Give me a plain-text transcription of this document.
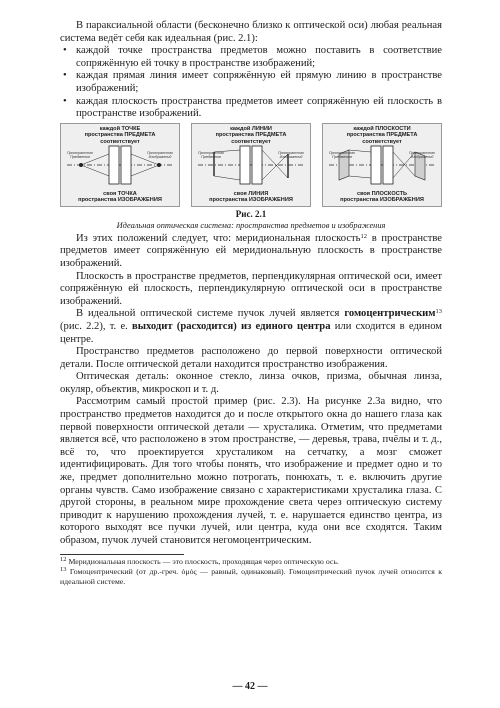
В параксиальной области (бесконечно близко к оптической оси) любая реальная система ведёт себя как идеальная (рис. 2.1):

• каждой точке пространства предметов можно поставить в соответствие сопряжённую ей точку в пространстве изображений;
• каждая прямая линия имеет сопряжённую ей прямую линию в пространстве изображений;
• каждая плоскость пространства предметов имеет сопряжённую ей плоскость в пространстве изображений.
каждой ТОЧКЕ
пространства ПРЕДМЕТА
соответствует
Пространство Предметов
Пространство Изображений
своя ТОЧКА
пространства ИЗОБРАЖЕНИЯ
каждой ЛИНИИ
пространства ПРЕДМЕТА
соответствует
Пространство Предметов
Пространство Изображений
своя ЛИНИЯ
пространства ИЗОБРАЖЕНИЯ
каждой ПЛОСКОСТИ
пространства ПРЕДМЕТА
соответствует
Пространство Предметов
Пространство Изображений
своя ПЛОСКОСТЬ
пространства ИЗОБРАЖЕНИЯ
Рис. 2.1
Идеальная оптическая система: пространства предметов и изображения

Из этих положений следует, что: меридиональная плоскость$^{12}$ в пространстве предметов имеет сопряжённую ей меридиональную плоскость в пространстве изображений.

Плоскость в пространстве предметов, перпендикулярная оптической оси, имеет сопряжённую ей плоскость, перпендикулярную оптической оси в пространстве изображений.

В идеальной оптической системе пучок лучей является гомоцентрическим$^{13}$ (рис. 2.2), т. е. выходит (расходится) из единого центра или сходится в едином центре.

Пространство предметов расположено до первой поверхности оптической детали. После оптической детали находится пространство изображения.

Оптическая деталь: оконное стекло, линза очков, призма, обычная линза, окуляр, объектив, микроскоп и т. д.

Рассмотрим самый простой пример (рис. 2.3). На рисунке 2.3а видно, что пространство предметов находится до и после открытого окна до нашего глаза как первой поверхности оптической детали — хрусталика. Отметим, что предметами является всё, что расположено в этом пространстве, — деревья, трава, пчёлы и т. д., всё то, что проектируется хрусталиком на сетчатку, а мозг сможет идентифицировать. Для того чтобы понять, что изображение и предмет одно и то же, предмет дополнительно можно потрогать, понюхать, т. е. включить другие органы чувств. Само изображение связано с характеристиками хрусталика глаза. С другой стороны, в реальном мире прохождение света через оптическую систему приводит к нарушению прохождения лучей, т. е. нарушается единство центра, из которого выходят все пучки лучей, или центра, куда они все сходятся. Таким образом, пучок лучей становится негомоцентрическим.

$^{12}$ Меридиональная плоскость — это плоскость, проходящая через оптическую ось.
$^{13}$ Гомоцентрический (от др.-греч. ὁμός — равный, одинаковый). Гомоцентрический пучок лучей относится к идеальной системе.
— 42 —
